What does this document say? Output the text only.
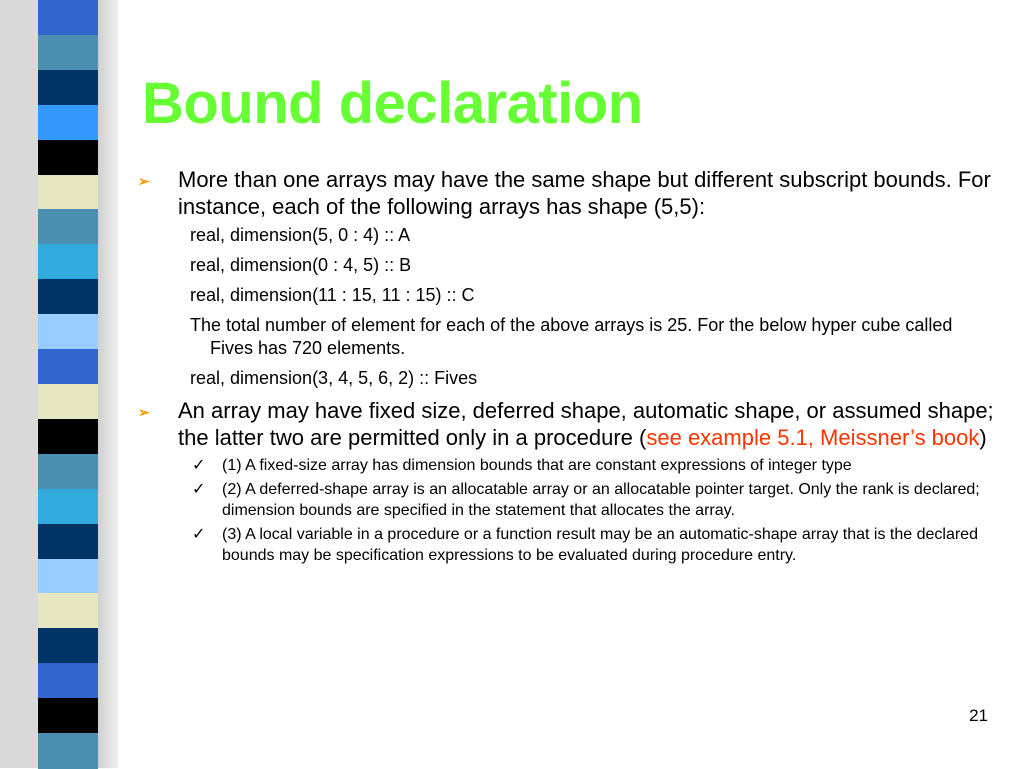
Bound declaration
➢ More than one arrays may have the same shape but different subscript bounds. For instance, each of the following arrays has shape (5,5):
real, dimension(5, 0 : 4) :: A
real, dimension(0 : 4, 5) :: B
real, dimension(11 : 15, 11 : 15) :: C
The total number of element for each of the above arrays is 25. For the below hyper cube called Fives has 720 elements.
real, dimension(3, 4, 5, 6, 2) :: Fives
➢ An array may have fixed size, deferred shape, automatic shape, or assumed shape; the latter two are permitted only in a procedure (see example 5.1, Meissner’s book)
✓ (1) A fixed-size array has dimension bounds that are constant expressions of integer type
✓ (2) A deferred-shape array is an allocatable array or an allocatable pointer target. Only the rank is declared; dimension bounds are specified in the statement that allocates the array.
✓ (3) A local variable in a procedure or a function result may be an automatic-shape array that is the declared bounds may be specification expressions to be evaluated during procedure entry.
21
